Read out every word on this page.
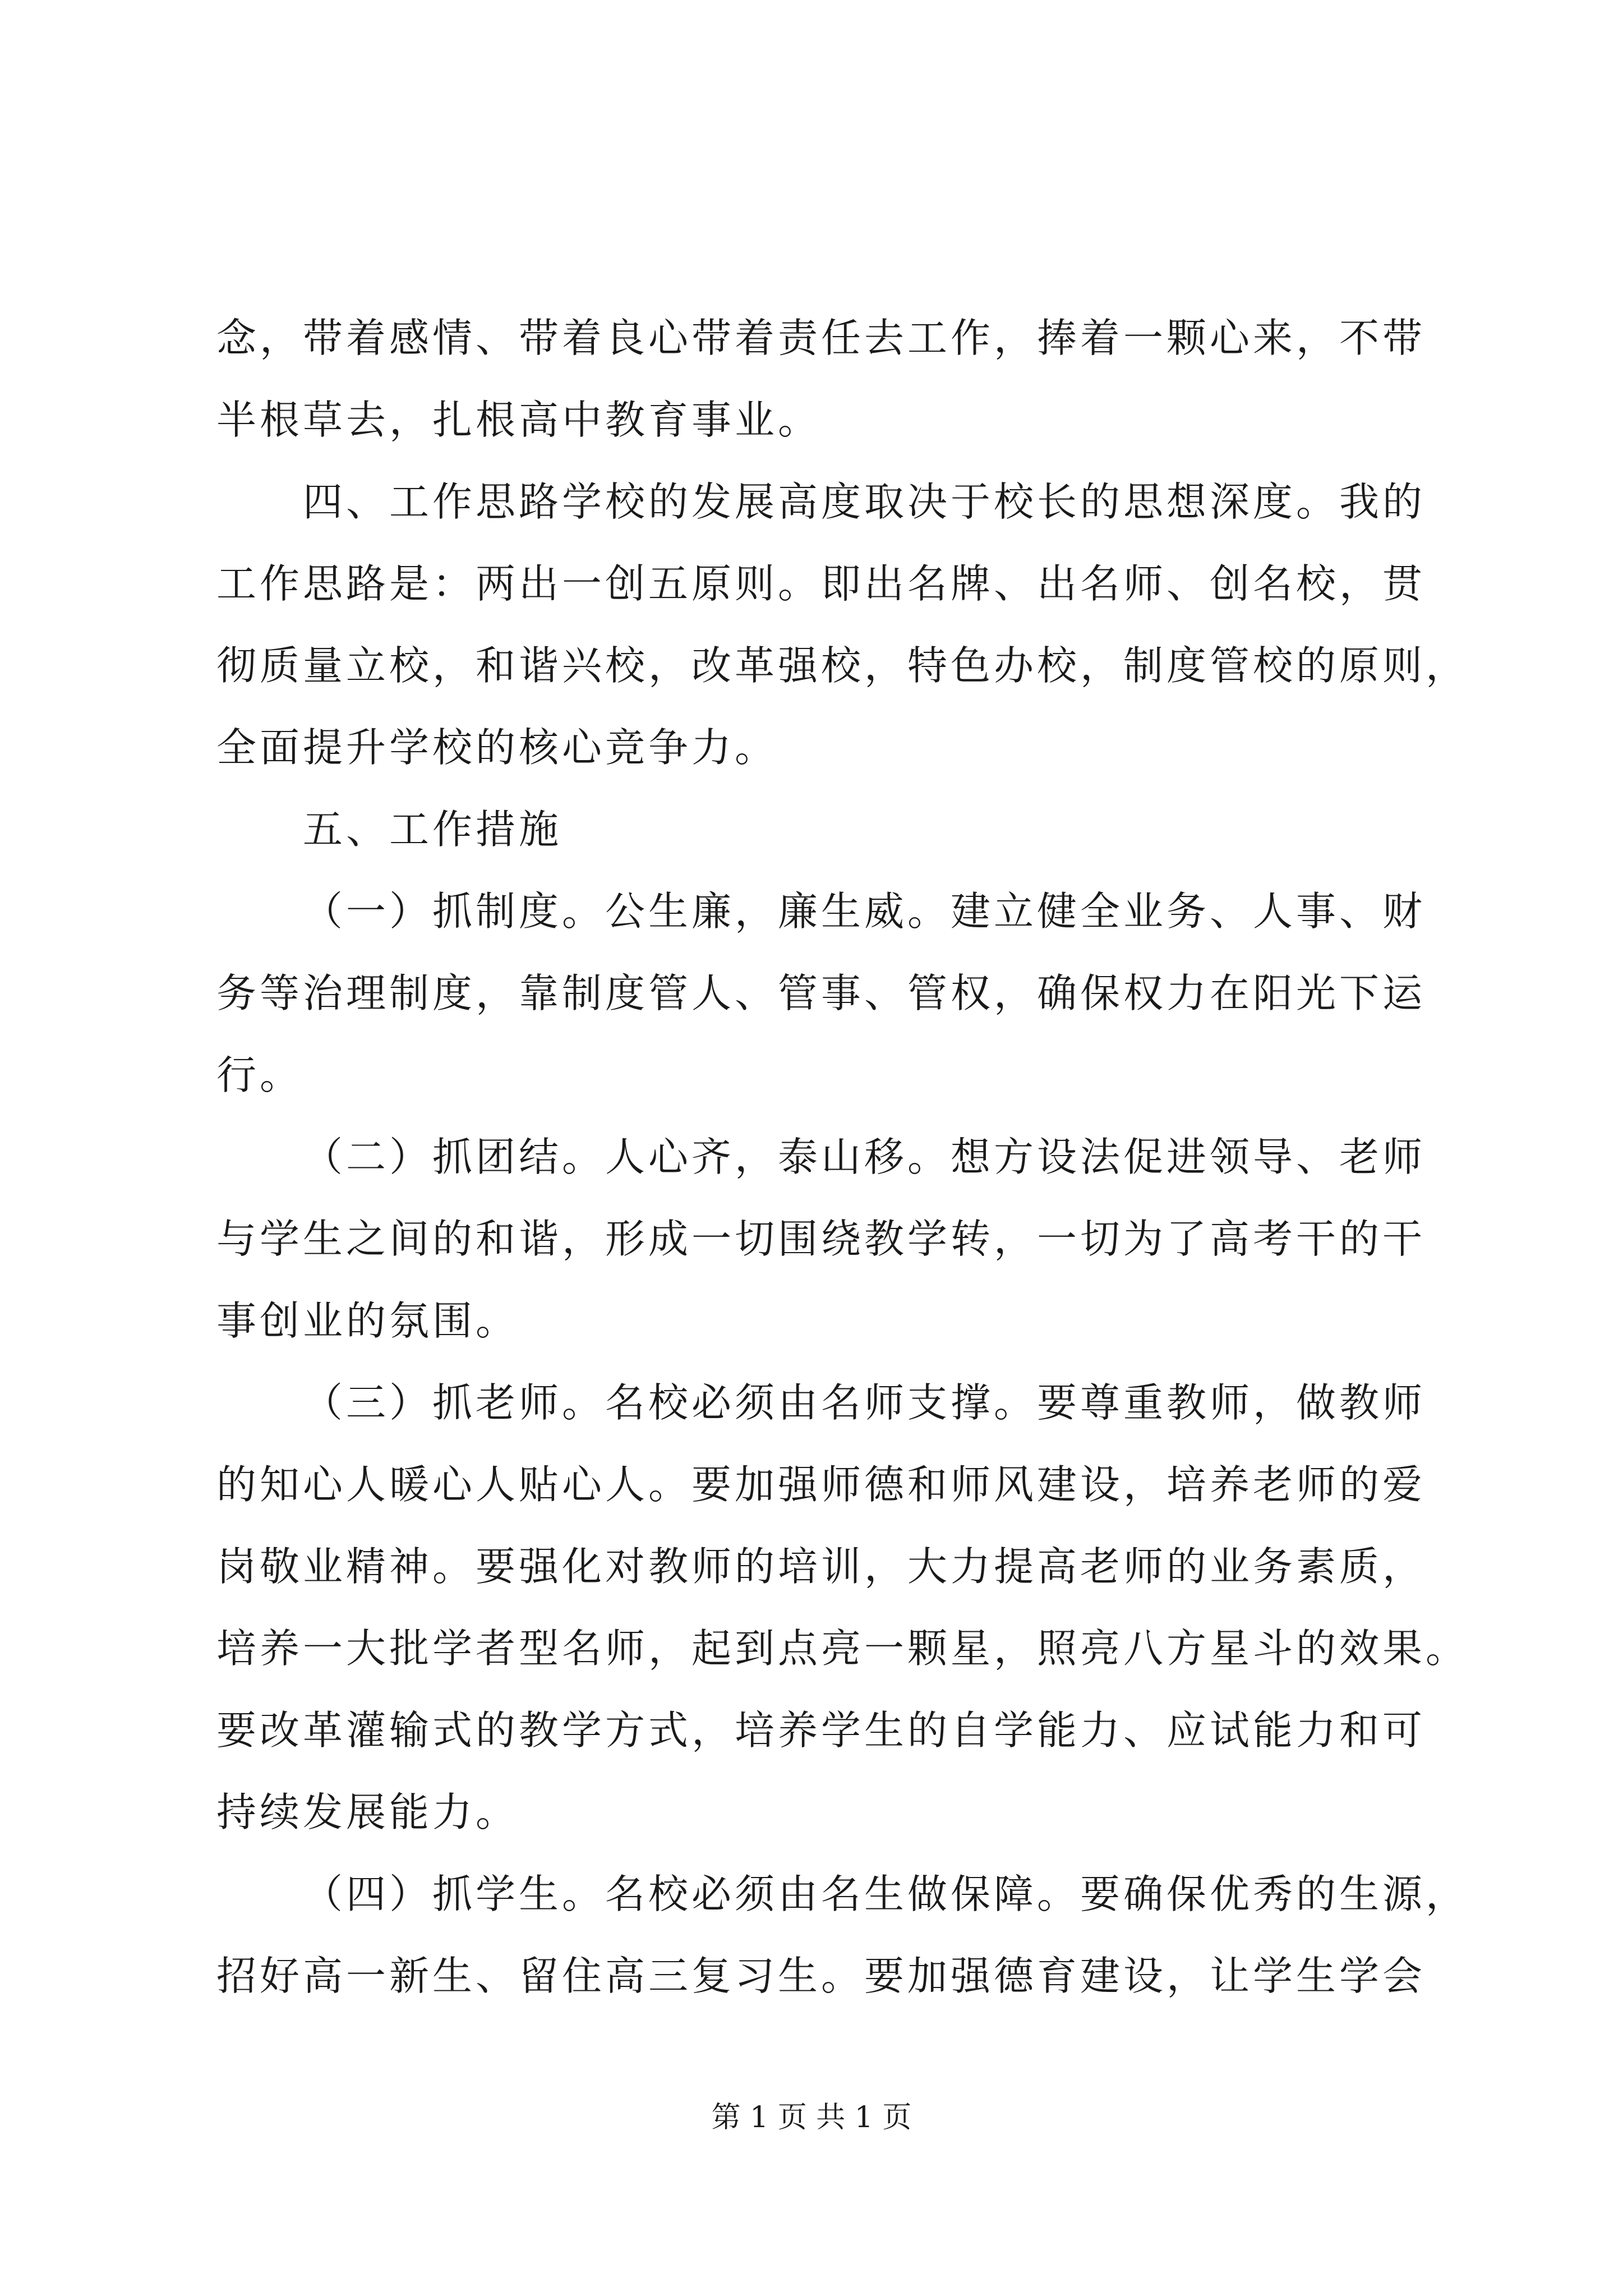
念，带着感情、带着良心带着责任去工作，捧着一颗心来，不带
半根草去，扎根高中教育事业。
四、工作思路学校的发展高度取决于校长的思想深度。我的
工作思路是：两出一创五原则。即出名牌、出名师、创名校，贯
彻质量立校，和谐兴校，改革强校，特色办校，制度管校的原则，
全面提升学校的核心竞争力。
五、工作措施
（一）抓制度。公生廉，廉生威。建立健全业务、人事、财
务等治理制度，靠制度管人、管事、管权，确保权力在阳光下运
行。
（二）抓团结。人心齐，泰山移。想方设法促进领导、老师
与学生之间的和谐，形成一切围绕教学转，一切为了高考干的干
事创业的氛围。
（三）抓老师。名校必须由名师支撑。要尊重教师，做教师
的知心人暖心人贴心人。要加强师德和师风建设，培养老师的爱
岗敬业精神。要强化对教师的培训，大力提高老师的业务素质，
培养一大批学者型名师，起到点亮一颗星，照亮八方星斗的效果。
要改革灌输式的教学方式，培养学生的自学能力、应试能力和可
持续发展能力。
（四）抓学生。名校必须由名生做保障。要确保优秀的生源，
招好高一新生、留住高三复习生。要加强德育建设，让学生学会
第 1 页 共 1 页
